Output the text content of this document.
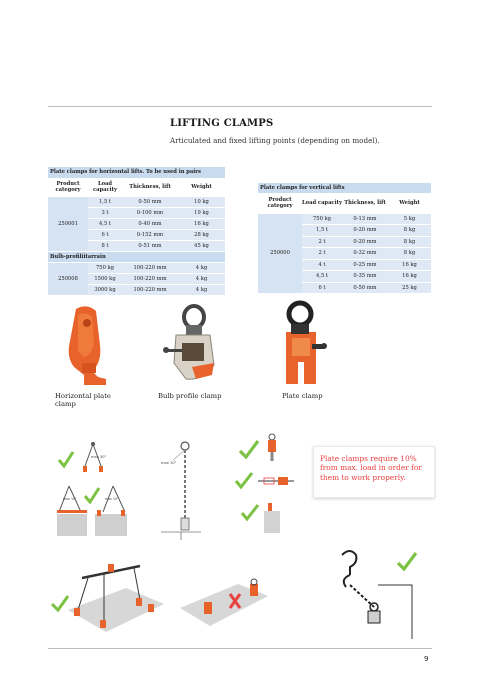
LIFTING CLAMPS
Articulated and fixed lifting points (depending on model).
Plate clamps for horizontal lifts. To be used in pairs			
Product category	Load capacity	Thickness, lift	Weight
250001	1,5 t	0-50 mm	10 kg
	3 t	0-100 mm	19 kg
	4,5 t	0-40 mm	16 kg
	6 t	0-152 mm	28 kg
	8 t	0-51 mm	45 kg
Bulb-profiliitarrain			
250008	750 kg	100-220 mm	4 kg
	1500 kg	100-220 mm	4 kg
	3000 kg	100-220 mm	4 kg
Plate clamps for vertical lifts			
Product category	Load capacity	Thickness, lift	Weight
250000	750 kg	0-13 mm	5 kg
	1,5 t	0-20 mm	8 kg
	2 t	0-20 mm	8 kg
	2 t	0-32 mm	8 kg
	4 t	0-25 mm	16 kg
	4,5 t	0-35 mm	16 kg
	6 t	0-50 mm	25 kg
Horizontal plate clamp
Bulb profile clamp	Plate clamp
max 30°
max 10°	max 10°
max 10°	Plate clamps require 10% from max. load in order for them to work properly.
9
